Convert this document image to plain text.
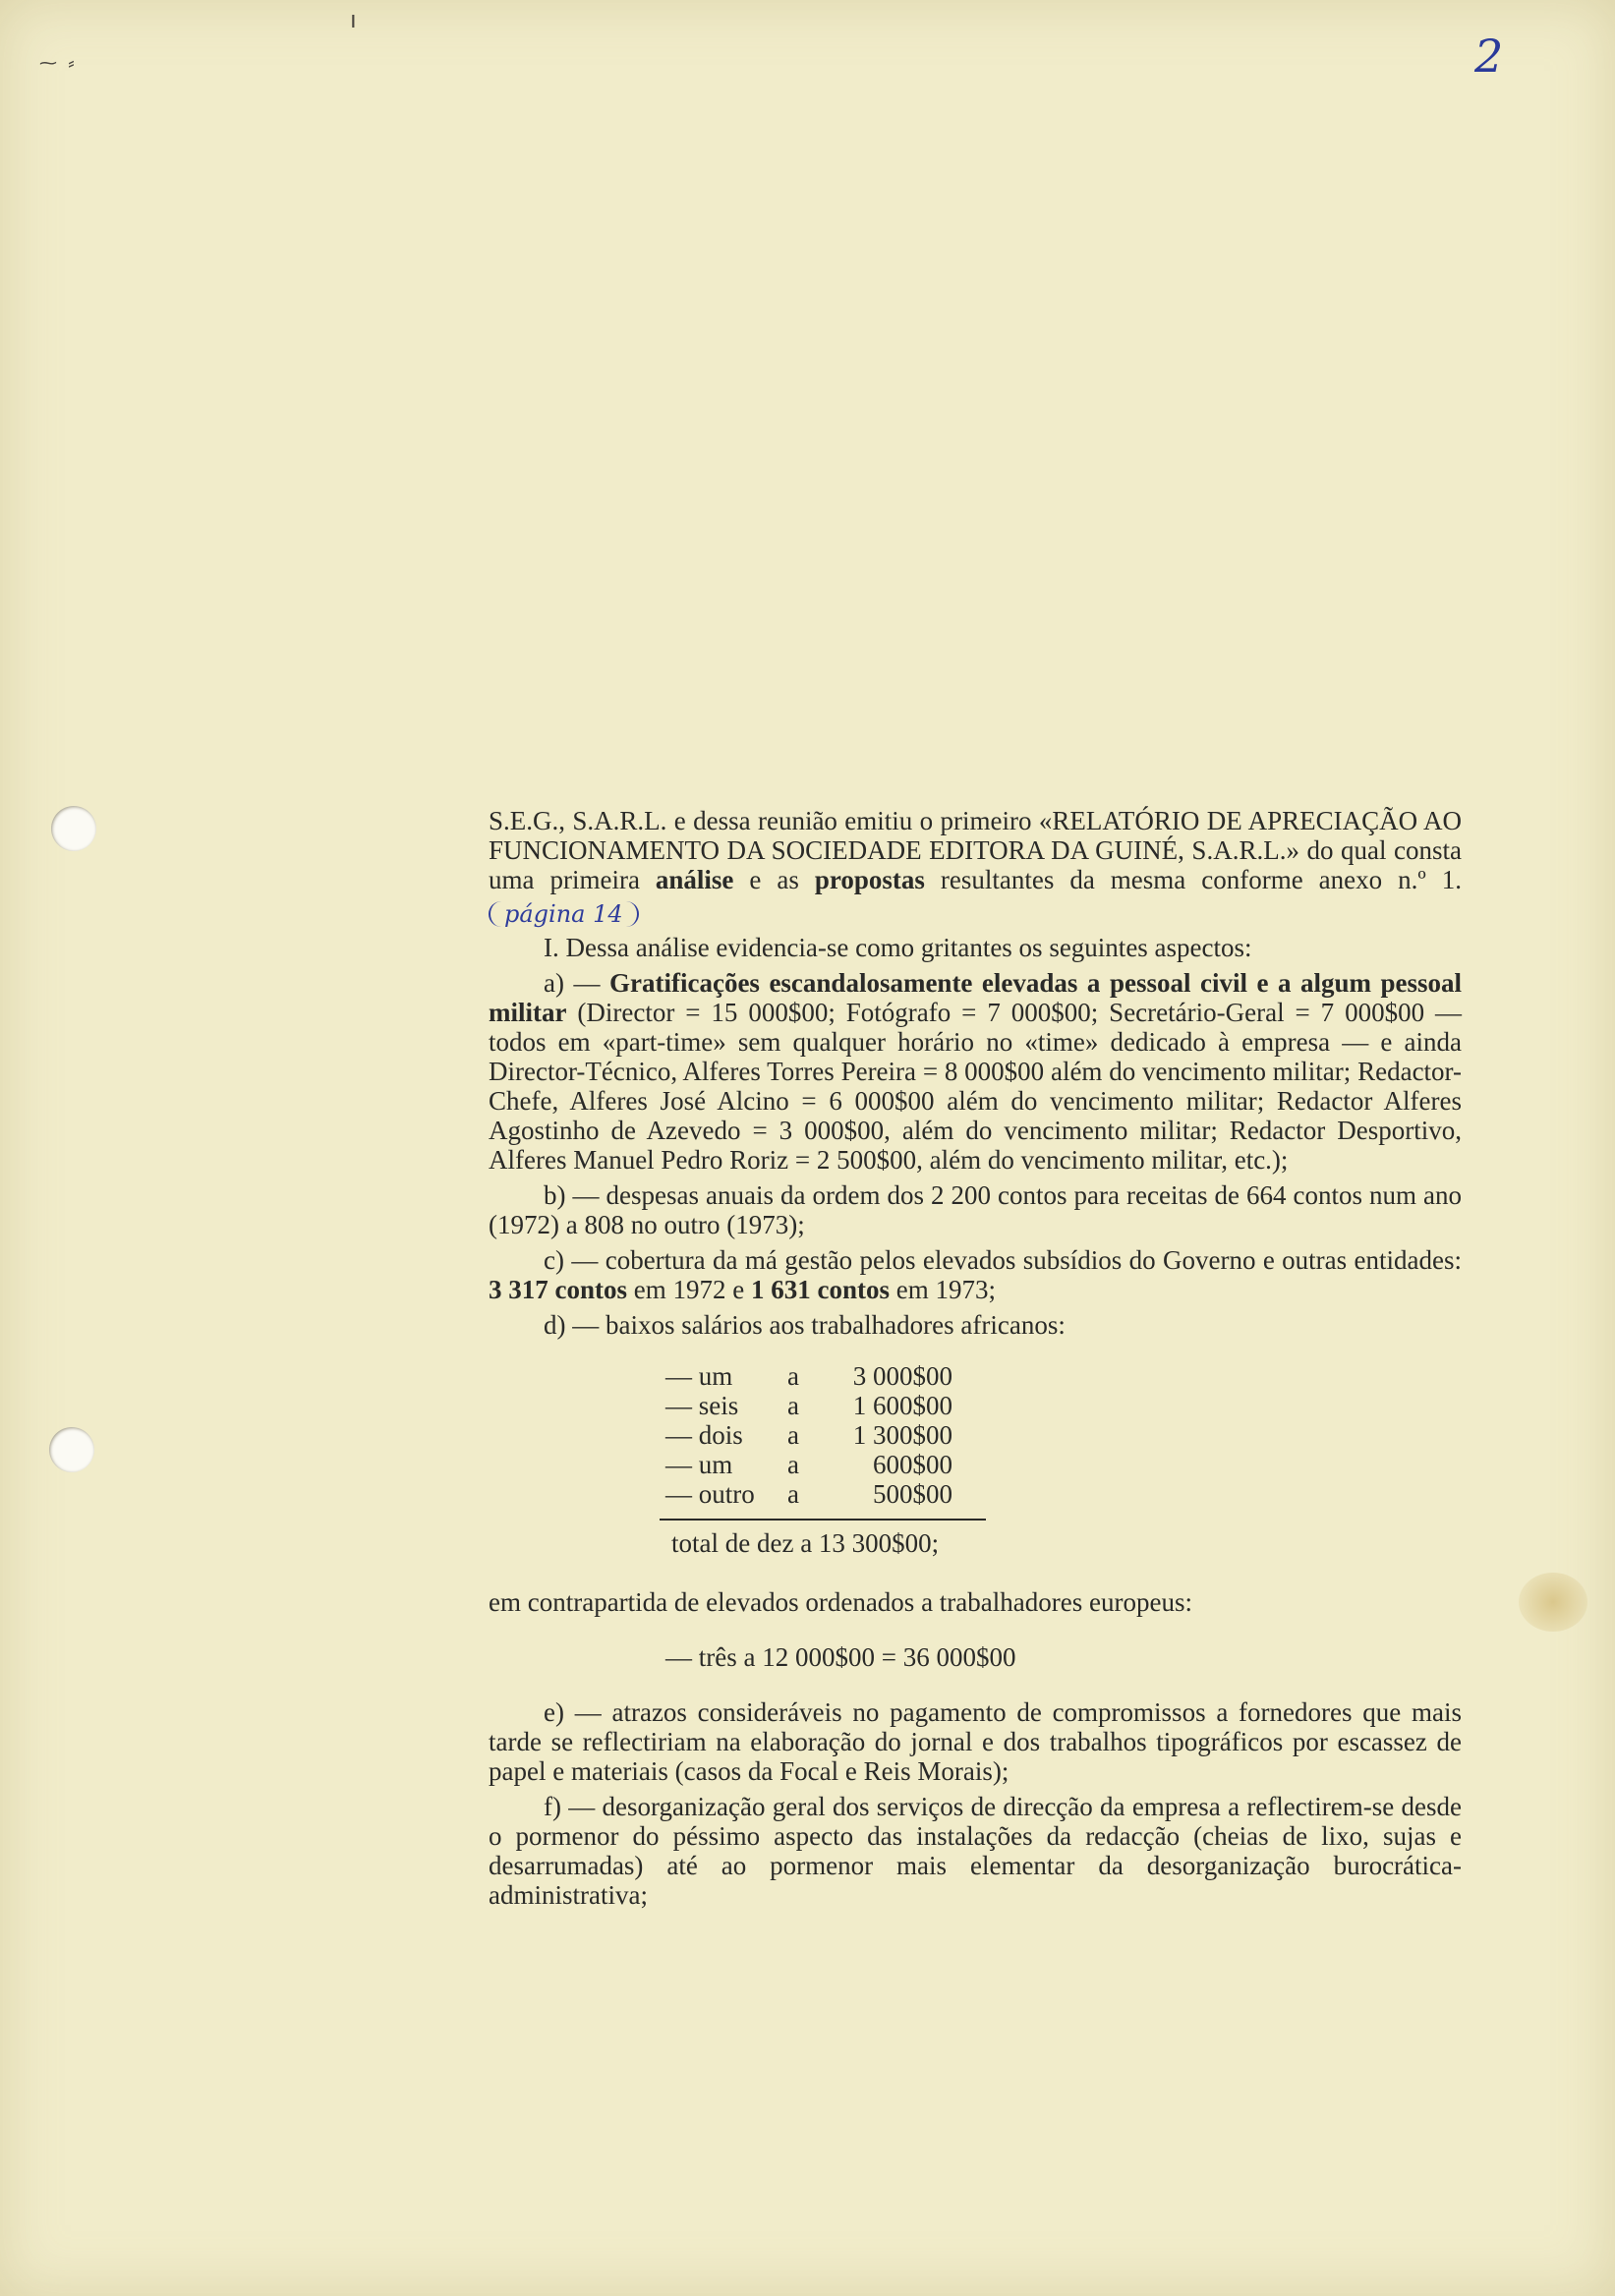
⁓  ⸗
ı
2

S.E.G., S.A.R.L. e dessa reunião emitiu o primeiro «RELATÓRIO DE APRECIAÇÃO AO FUNCIONAMENTO DA SOCIEDADE EDITORA DA GUINÉ, S.A.R.L.» do qual consta uma primeira análise e as propostas resultantes da mesma conforme anexo n.º 1. página 14

I. Dessa análise evidencia-se como gritantes os seguintes aspectos:

a) — Gratificações escandalosamente elevadas a pessoal civil e a algum pessoal militar (Director = 15 000$00; Fotógrafo = 7 000$00; Secretário-Geral = 7 000$00 — todos em «part-time» sem qualquer horário no «time» dedicado à empresa — e ainda Director-Técnico, Alferes Torres Pereira = 8 000$00 além do vencimento militar; Redactor-Chefe, Alferes José Alcino = 6 000$00 além do vencimento militar; Redactor Alferes Agostinho de Azevedo = 3 000$00, além do vencimento militar; Redactor Desportivo, Alferes Manuel Pedro Roriz = 2 500$00, além do vencimento militar, etc.);

b) — despesas anuais da ordem dos 2 200 contos para receitas de 664 contos num ano (1972) a 808 no outro (1973);

c) — cobertura da má gestão pelos elevados subsídios do Governo e outras entidades: 3 317 contos em 1972 e 1 631 contos em 1973;

d) — baixos salários aos trabalhadores africanos:

— um	a	3 000$00
— seis	a	1 600$00
— dois	a	1 300$00
— um	a	600$00
— outro	a	500$00
total de dez a 13 300$00;

em contrapartida de elevados ordenados a trabalhadores europeus:

— três a 12 000$00 = 36 000$00

e) — atrazos consideráveis no pagamento de compromissos a fornedores que mais tarde se reflectiriam na elaboração do jornal e dos trabalhos tipográficos por escassez de papel e materiais (casos da Focal e Reis Morais);

f) — desorganização geral dos serviços de direcção da empresa a reflectirem-se desde o pormenor do péssimo aspecto das instalações da redacção (cheias de lixo, sujas e desarrumadas) até ao pormenor mais elementar da desorganização burocrática-administrativa;
